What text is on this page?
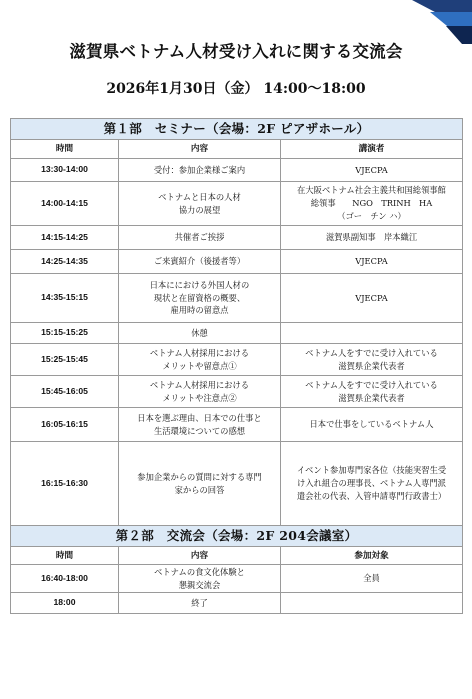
滋賀県ベトナム人材受け入れに関する交流会
2026年1月30日（金） 14:00〜18:00
第１部　セミナー（会場：2F ピアザホール）		
時間	内容	講演者
13:30-14:00	受付：参加企業様ご案内	VJECPA

14:00-14:15	ベトナムと日本の人材
協力の展望	在大阪ベトナム社会主義共和国総領事館
総領事　　NGO　TRINH　HA
（ゴー　チン ハ）

14:15-14:25	共催者ご挨拶	滋賀県副知事　岸本織江

14:25-14:35	ご来賓紹介（後援者等）	VJECPA

14:35-15:15	日本ににおける外国人材の
現状と在留資格の概要、
雇用時の留意点	VJECPA

15:15-15:25	休憩	

15:25-15:45	ベトナム人材採用における
メリットや留意点①	ベトナム人をすでに受け入れている
滋賀県企業代表者

15:45-16:05	ベトナム人材採用における
メリットや注意点②	ベトナム人をすでに受け入れている
滋賀県企業代表者

16:05-16:15	日本を選ぶ理由、日本での仕事と
生活環境についての感想	日本で仕事をしているベトナム人

16:15-16:30	参加企業からの質問に対する専門
家からの回答	イベント参加専門家各位（技能実習生受
け入れ組合の理事長、ベトナム人専門派
遣会社の代表、入管申請専門行政書士）

第２部　交流会（会場：2F 204会議室）		
時間	内容	参加対象
16:40-18:00	ベトナムの食文化体験と
懇親交流会	全員

18:00	終了	
